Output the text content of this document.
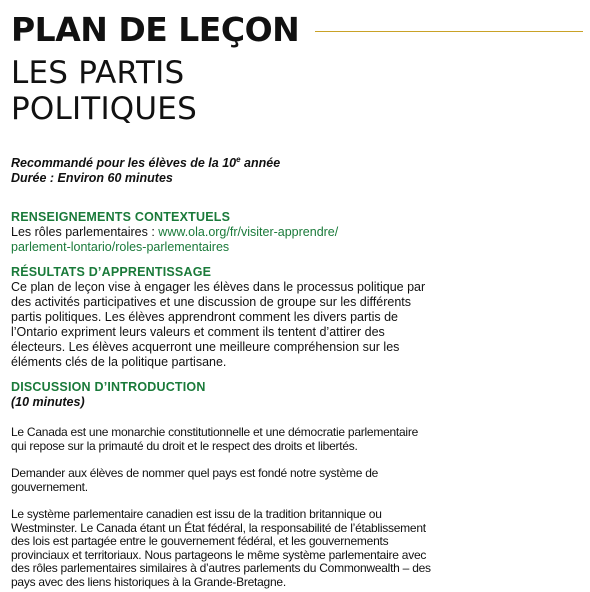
PLAN DE LEÇON
LES PARTIS
POLITIQUES
Recommandé pour les élèves de la 10e année
Durée : Environ 60 minutes
RENSEIGNEMENTS CONTEXTUELS
Les rôles parlementaires : www.ola.org/fr/visiter-apprendre/
parlement-lontario/roles-parlementaires
RÉSULTATS D’APPRENTISSAGE
Ce plan de leçon vise à engager les élèves dans le processus politique par
des activités participatives et une discussion de groupe sur les différents
partis politiques. Les élèves apprendront comment les divers partis de
l’Ontario expriment leurs valeurs et comment ils tentent d’attirer des
électeurs. Les élèves acquerront une meilleure compréhension sur les
éléments clés de la politique partisane.
DISCUSSION D’INTRODUCTION
(10 minutes)
Le Canada est une monarchie constitutionnelle et une démocratie parlementaire
qui repose sur la primauté du droit et le respect des droits et libertés.
Demander aux élèves de nommer quel pays est fondé notre système de
gouvernement.
Le système parlementaire canadien est issu de la tradition britannique ou
Westminster. Le Canada étant un État fédéral, la responsabilité de l’établissement
des lois est partagée entre le gouvernement fédéral, et les gouvernements
provinciaux et territoriaux. Nous partageons le même système parlementaire avec
des rôles parlementaires similaires à d’autres parlements du Commonwealth – des
pays avec des liens historiques à la Grande-Bretagne.
